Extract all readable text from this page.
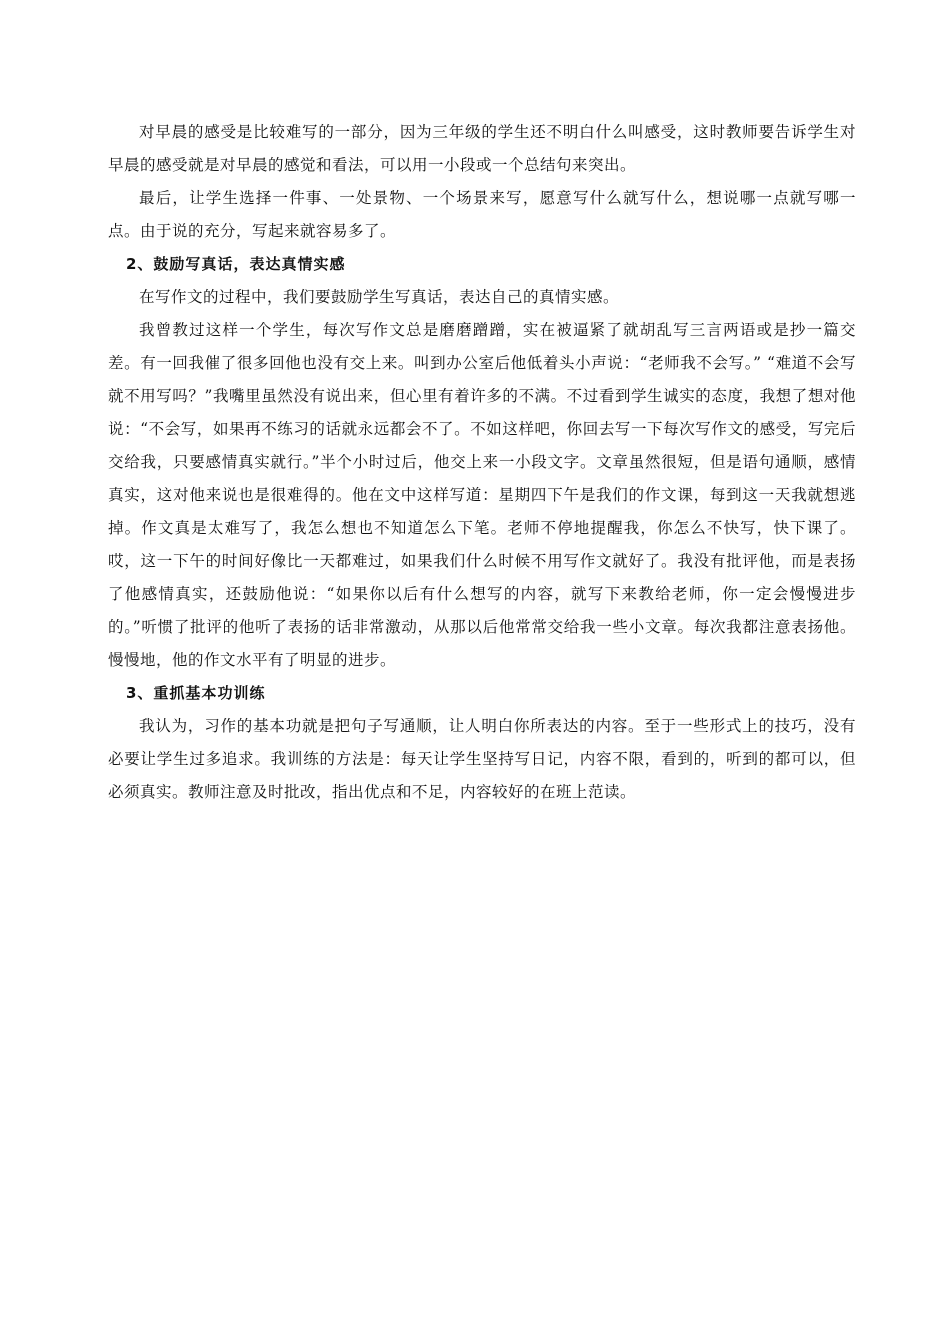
对早晨的感受是比较难写的一部分，因为三年级的学生还不明白什么叫感受，这时教师要告诉学生对早晨的感受就是对早晨的感觉和看法，可以用一小段或一个总结句来突出。

最后，让学生选择一件事、一处景物、一个场景来写，愿意写什么就写什么，想说哪一点就写哪一点。由于说的充分，写起来就容易多了。

2、鼓励写真话，表达真情实感

在写作文的过程中，我们要鼓励学生写真话，表达自己的真情实感。

我曾教过这样一个学生，每次写作文总是磨磨蹭蹭，实在被逼紧了就胡乱写三言两语或是抄一篇交差。有一回我催了很多回他也没有交上来。叫到办公室后他低着头小声说：“老师我不会写。” “难道不会写就不用写吗？”我嘴里虽然没有说出来，但心里有着许多的不满。不过看到学生诚实的态度，我想了想对他说：“不会写，如果再不练习的话就永远都会不了。不如这样吧，你回去写一下每次写作文的感受，写完后交给我，只要感情真实就行。”半个小时过后，他交上来一小段文字。文章虽然很短，但是语句通顺，感情真实，这对他来说也是很难得的。他在文中这样写道：星期四下午是我们的作文课，每到这一天我就想逃掉。作文真是太难写了，我怎么想也不知道怎么下笔。老师不停地提醒我，你怎么不快写，快下课了。哎，这一下午的时间好像比一天都难过，如果我们什么时候不用写作文就好了。我没有批评他，而是表扬了他感情真实，还鼓励他说：“如果你以后有什么想写的内容，就写下来教给老师，你一定会慢慢进步的。”听惯了批评的他听了表扬的话非常激动，从那以后他常常交给我一些小文章。每次我都注意表扬他。慢慢地，他的作文水平有了明显的进步。

3、重抓基本功训练

我认为，习作的基本功就是把句子写通顺，让人明白你所表达的内容。至于一些形式上的技巧，没有必要让学生过多追求。我训练的方法是：每天让学生坚持写日记，内容不限，看到的，听到的都可以，但必须真实。教师注意及时批改，指出优点和不足，内容较好的在班上范读。
